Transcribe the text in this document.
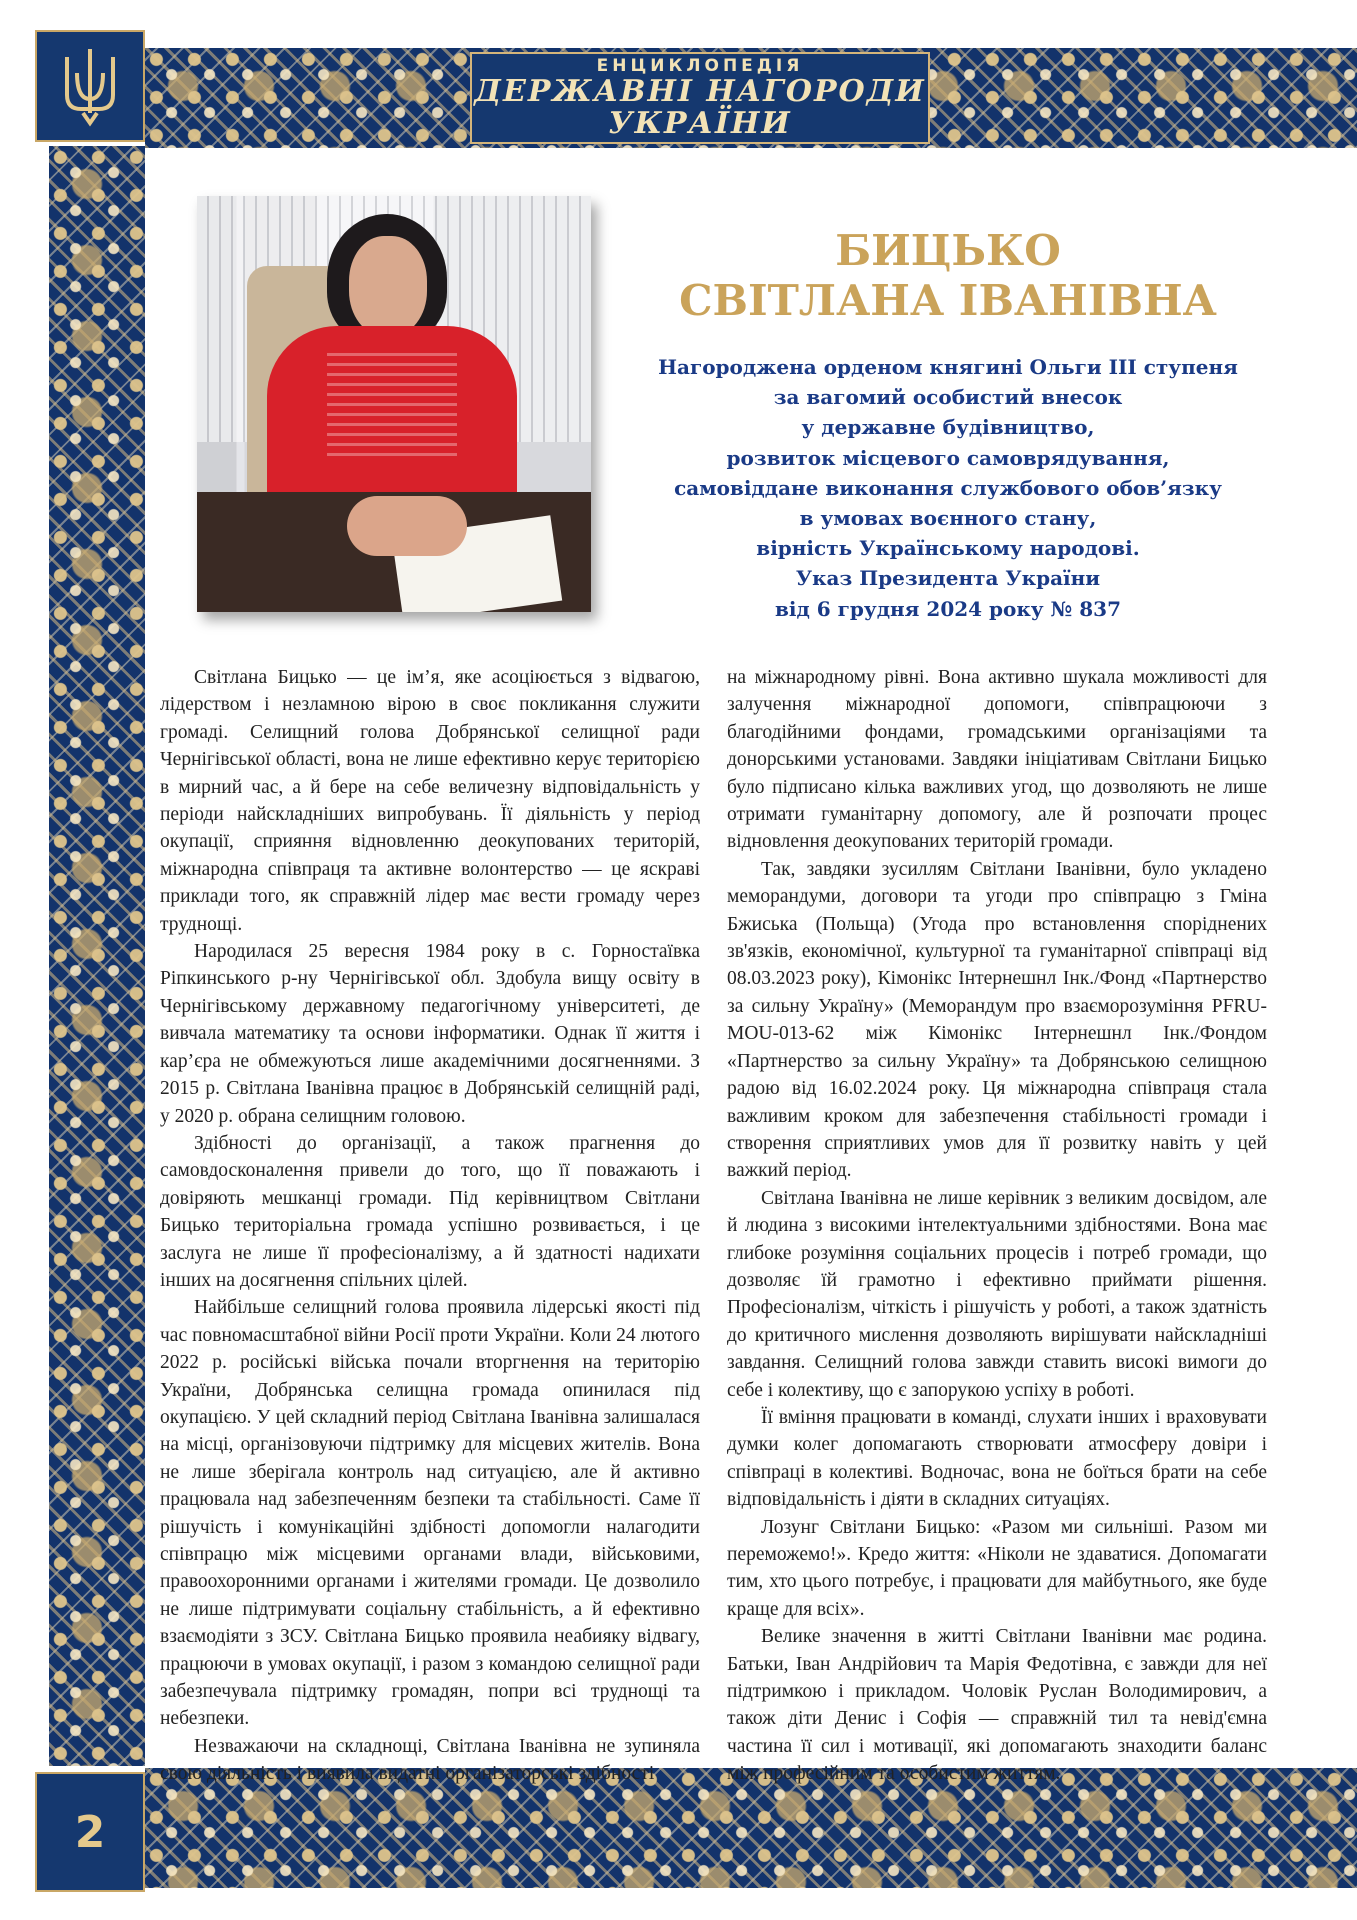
ЕНЦИКЛОПЕДІЯ
ДЕРЖАВНІ НАГОРОДИ
УКРАЇНИ
2
БИЦЬКО
СВІТЛАНА ІВАНІВНА
Нагороджена орденом княгині Ольги III ступеня
за вагомий особистий внесок
у державне будівництво,
розвиток місцевого самоврядування,
самовіддане виконання службового обов’язку
в умовах воєнного стану,
вірність Українському народові.
Указ Президента України
від 6 грудня 2024 року № 837

Світлана Бицько — це ім’я, яке асоціюється з відвагою, лідерством і незламною вірою в своє покликання служити громаді. Селищний голова Добрянської селищної ради Чернігівської області, вона не лише ефективно керує територією в мирний час, а й бере на себе величезну відповідальність у періоди найскладніших випробувань. Її діяльність у період окупації, сприяння відновленню деокупованих територій, міжнародна співпраця та активне волонтерство — це яскраві приклади того, як справжній лідер має вести громаду через труднощі.

Народилася 25 вересня 1984 року в с. Горностаївка Ріпкинського р-ну Чернігівської обл. Здобула вищу освіту в Чернігівському державному педагогічному університеті, де вивчала математику та основи інформатики. Однак її життя і кар’єра не обмежуються лише академічними досягненнями. З 2015 р. Світлана Іванівна працює в Добрянській селищній раді, у 2020 р. обрана селищним головою.

Здібності до організації, а також прагнення до самовдосконалення привели до того, що її поважають і довіряють мешканці громади. Під керівництвом Світлани Бицько територіальна громада успішно розвивається, і це заслуга не лише її професіоналізму, а й здатності надихати інших на досягнення спільних цілей.

Найбільше селищний голова проявила лідерські якості під час повномасштабної війни Росії проти України. Коли 24 лютого 2022 р. російські війська почали вторгнення на територію України, Добрянська селищна громада опинилася під окупацією. У цей складний період Світлана Іванівна залишалася на місці, організовуючи підтримку для місцевих жителів. Вона не лише зберігала контроль над ситуацією, але й активно працювала над забезпеченням безпеки та стабільності. Саме її рішучість і комунікаційні здібності допомогли налагодити співпрацю між місцевими органами влади, військовими, правоохоронними органами і жителями громади. Це дозволило не лише підтримувати соціальну стабільність, а й ефективно взаємодіяти з ЗСУ. Світлана Бицько проявила неабияку відвагу, працюючи в умовах окупації, і разом з командою селищної ради забезпечувала підтримку громадян, попри всі труднощі та небезпеки.

Незважаючи на складнощі, Світлана Іванівна не зупиняла свою діяльність і виявила видатні організаторські здібності

на міжнародному рівні. Вона активно шукала можливості для залучення міжнародної допомоги, співпрацюючи з благодійними фондами, громадськими організаціями та донорськими установами. Завдяки ініціативам Світлани Бицько було підписано кілька важливих угод, що дозволяють не лише отримати гуманітарну допомогу, але й розпочати процес відновлення деокупованих територій громади.

Так, завдяки зусиллям Світлани Іванівни, було укладено меморандуми, договори та угоди про співпрацю з Гміна Бжиська (Польща) (Угода про встановлення споріднених зв'язків, економічної, культурної та гуманітарної співпраці від 08.03.2023 року), Кімонікс Інтернешнл Інк./Фонд «Партнерство за сильну Україну» (Меморандум про взаєморозуміння PFRU-MOU-013-62 між Кімонікс Інтернешнл Інк./Фондом «Партнерство за сильну Україну» та Добрянською селищною радою від 16.02.2024 року. Ця міжнародна співпраця стала важливим кроком для забезпечення стабільності громади і створення сприятливих умов для її розвитку навіть у цей важкий період.

Світлана Іванівна не лише керівник з великим досвідом, але й людина з високими інтелектуальними здібностями. Вона має глибоке розуміння соціальних процесів і потреб громади, що дозволяє їй грамотно і ефективно приймати рішення. Професіоналізм, чіткість і рішучість у роботі, а також здатність до критичного мислення дозволяють вирішувати найскладніші завдання. Селищний голова завжди ставить високі вимоги до себе і колективу, що є запорукою успіху в роботі.

Її вміння працювати в команді, слухати інших і враховувати думки колег допомагають створювати атмосферу довіри і співпраці в колективі. Водночас, вона не боїться брати на себе відповідальність і діяти в складних ситуаціях.

Лозунг Світлани Бицько: «Разом ми сильніші. Разом ми переможемо!». Кредо життя: «Ніколи не здаватися. Допомагати тим, хто цього потребує, і працювати для майбутнього, яке буде краще для всіх».

Велике значення в житті Світлани Іванівни має родина. Батьки, Іван Андрійович та Марія Федотівна, є завжди для неї підтримкою і прикладом. Чоловік Руслан Володимирович, а також діти Денис і Софія — справжній тил та невід'ємна частина її сил і мотивації, які допомагають знаходити баланс між професійним та особистим життям.
